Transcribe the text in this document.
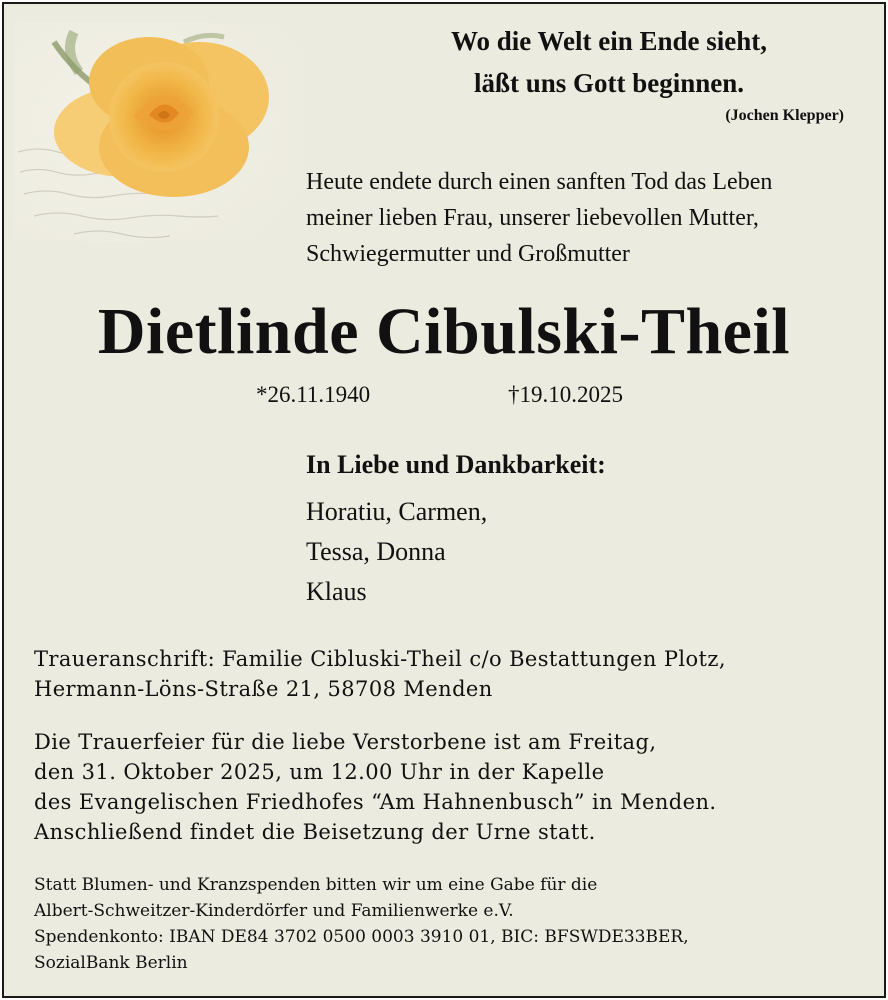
Wo die Welt ein Ende sieht,
läßt uns Gott beginnen.
(Jochen Klepper)
Heute endete durch einen sanften Tod das Leben
meiner lieben Frau, unserer liebevollen Mutter,
Schwiegermutter und Großmutter
Dietlinde Cibulski-Theil
*26.11.1940	†19.10.2025
In Liebe und Dankbarkeit:
Horatiu, Carmen,
Tessa, Donna
Klaus
Traueranschrift: Familie Cibluski-Theil c/o Bestattungen Plotz,
Hermann-Löns-Straße 21, 58708 Menden
Die Trauerfeier für die liebe Verstorbene ist am Freitag,
den 31. Oktober 2025, um 12.00 Uhr in der Kapelle
des Evangelischen Friedhofes “Am Hahnenbusch” in Menden.
Anschließend findet die Beisetzung der Urne statt.
Statt Blumen- und Kranzspenden bitten wir um eine Gabe für die
Albert-Schweitzer-Kinderdörfer und Familienwerke e.V.
Spendenkonto: IBAN DE84 3702 0500 0003 3910 01, BIC: BFSWDE33BER,
SozialBank Berlin
